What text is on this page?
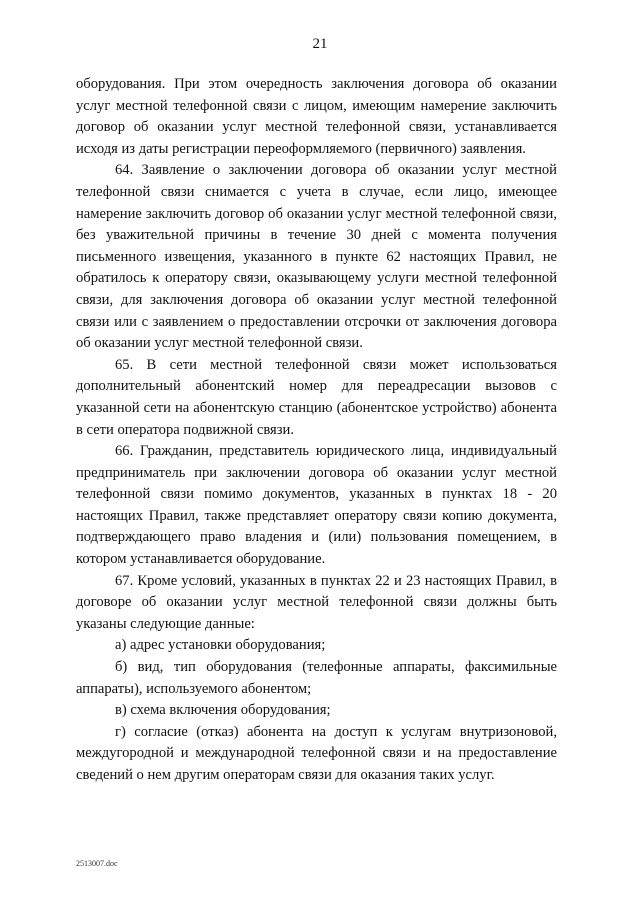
21

оборудования. При этом очередность заключения договора об оказании услуг местной телефонной связи с лицом, имеющим намерение заключить договор об оказании услуг местной телефонной связи, устанавливается исходя из даты регистрации переоформляемого (первичного) заявления.

64. Заявление о заключении договора об оказании услуг местной телефонной связи снимается с учета в случае, если лицо, имеющее намерение заключить договор об оказании услуг местной телефонной связи, без уважительной причины в течение 30 дней с момента получения письменного извещения, указанного в пункте 62 настоящих Правил, не обратилось к оператору связи, оказывающему услуги местной телефонной связи, для заключения договора об оказании услуг местной телефонной связи или с заявлением о предоставлении отсрочки от заключения договора об оказании услуг местной телефонной связи.

65. В сети местной телефонной связи может использоваться дополнительный абонентский номер для переадресации вызовов с указанной сети на абонентскую станцию (абонентское устройство) абонента в сети оператора подвижной связи.

66. Гражданин, представитель юридического лица, индивидуальный предприниматель при заключении договора об оказании услуг местной телефонной связи помимо документов, указанных в пунктах 18 - 20 настоящих Правил, также представляет оператору связи копию документа, подтверждающего право владения и (или) пользования помещением, в котором устанавливается оборудование.

67. Кроме условий, указанных в пунктах 22 и 23 настоящих Правил, в договоре об оказании услуг местной телефонной связи должны быть указаны следующие данные:

а) адрес установки оборудования;

б) вид, тип оборудования (телефонные аппараты, факсимильные аппараты), используемого абонентом;

в) схема включения оборудования;

г) согласие (отказ) абонента на доступ к услугам внутризоновой, междугородной и международной телефонной связи и на предоставление сведений о нем другим операторам связи для оказания таких услуг.

2513007.doc
